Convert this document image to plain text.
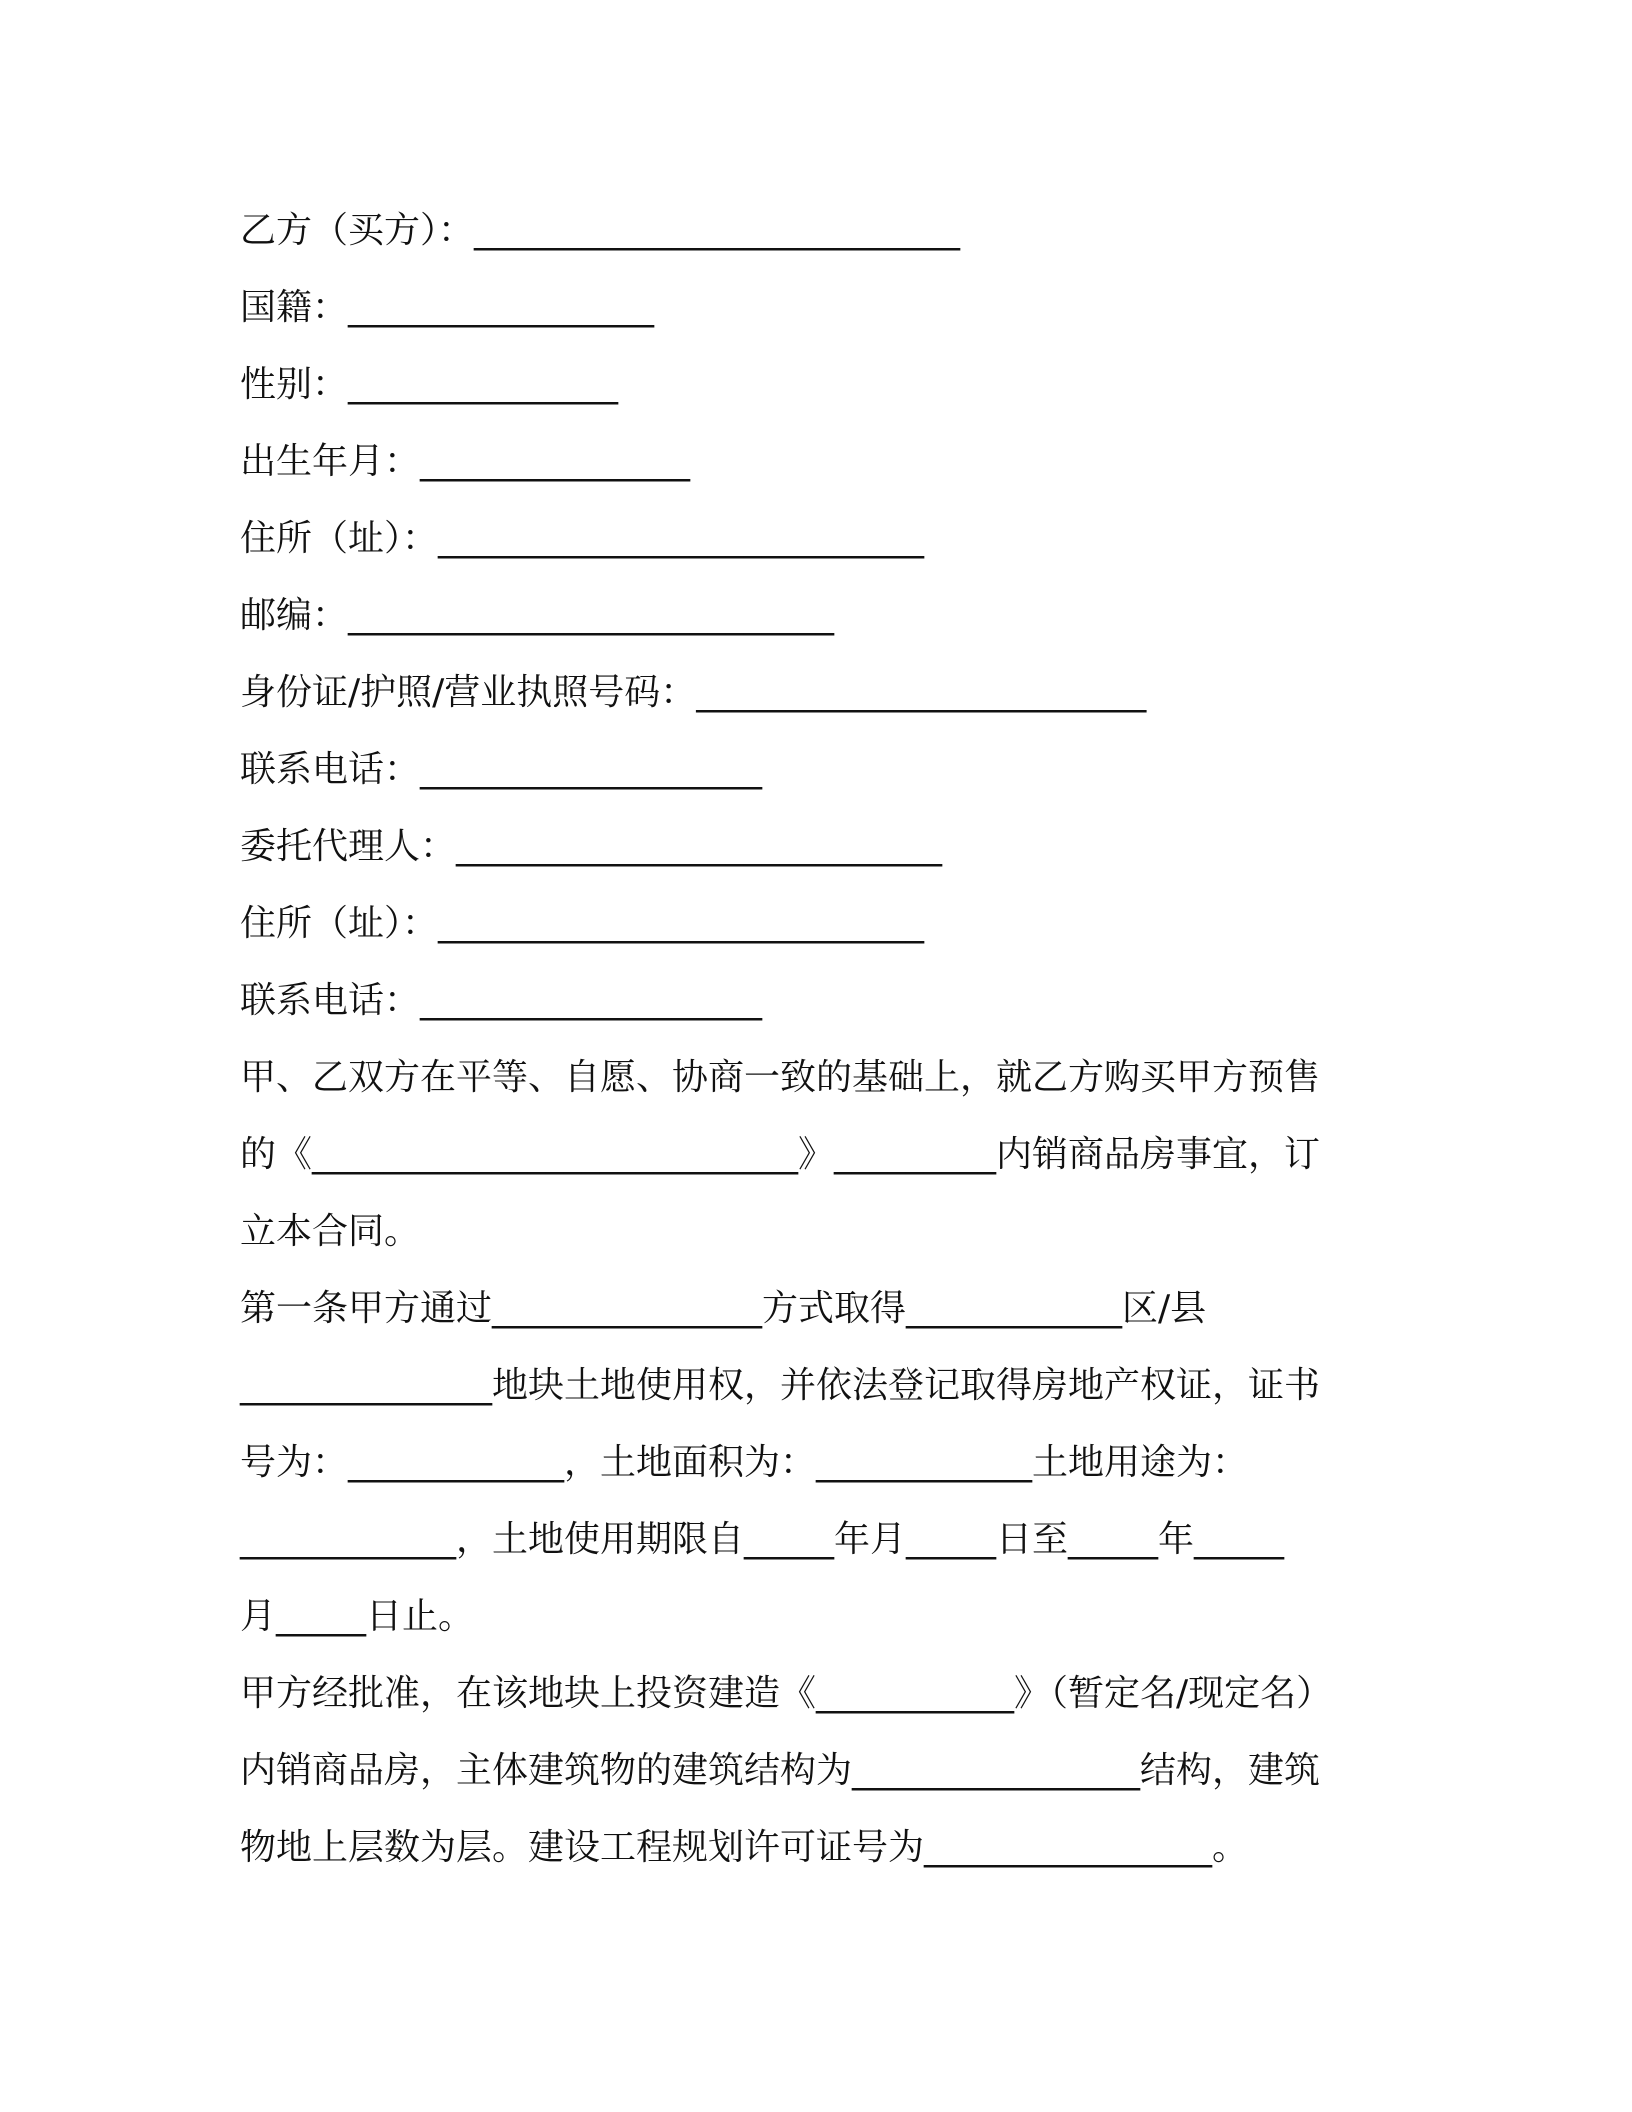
乙方（买方）：___________________________
国籍：_________________
性别：_______________
出生年月：_______________
住所（址）：___________________________
邮编：___________________________
身份证/护照/营业执照号码：_________________________
联系电话：___________________
委托代理人：___________________________
住所（址）：___________________________
联系电话：___________________
甲、乙双方在平等、自愿、协商一致的基础上，就乙方购买甲方预售
的《___________________________》_________内销商品房事宜，订
立本合同。
第一条甲方通过_______________方式取得____________区/县
______________地块土地使用权，并依法登记取得房地产权证，证书
号为：____________，土地面积为：____________土地用途为：
____________，土地使用期限自_____年月_____日至_____年_____
月_____日止。
甲方经批准，在该地块上投资建造《___________》（暂定名/现定名）
内销商品房，主体建筑物的建筑结构为________________结构，建筑
物地上层数为层。建设工程规划许可证号为________________。
